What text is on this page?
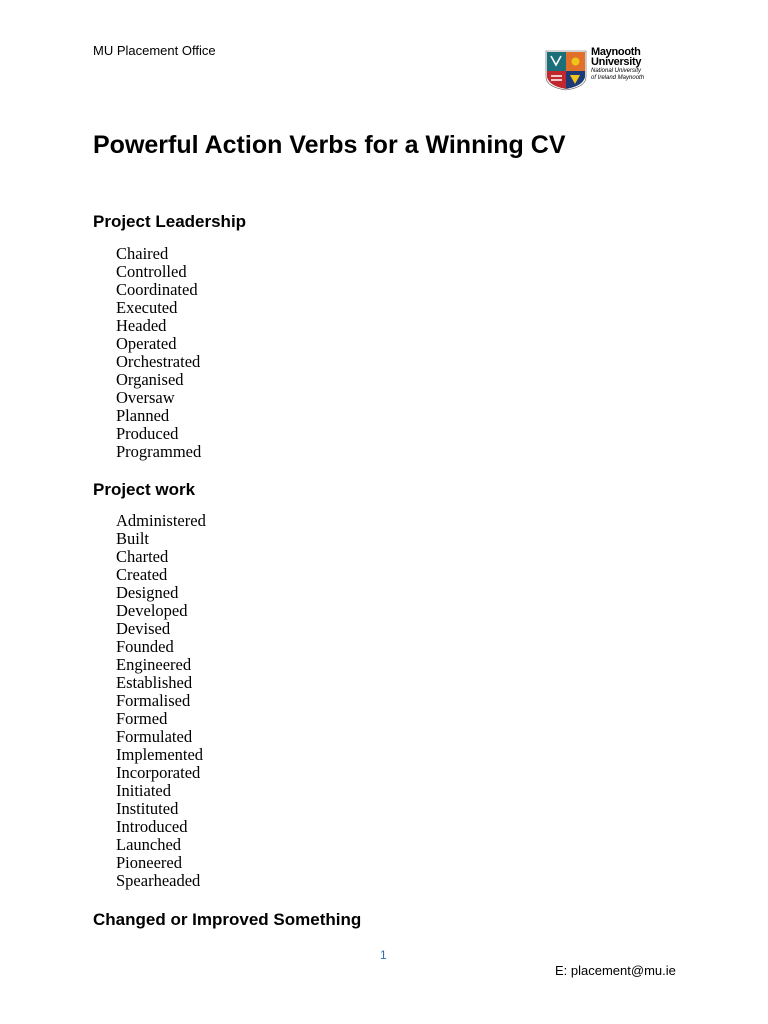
MU Placement Office	Maynooth
University
National University
of Ireland Maynooth
Powerful Action Verbs for a Winning CV
Project Leadership
Chaired
Controlled
Coordinated
Executed
Headed
Operated
Orchestrated
Organised
Oversaw
Planned
Produced
Programmed
Project work
Administered
Built
Charted
Created
Designed
Developed
Devised
Founded
Engineered
Established
Formalised
Formed
Formulated
Implemented
Incorporated
Initiated
Instituted
Introduced
Launched
Pioneered
Spearheaded
Changed or Improved Something
1
E: placement@mu.ie
